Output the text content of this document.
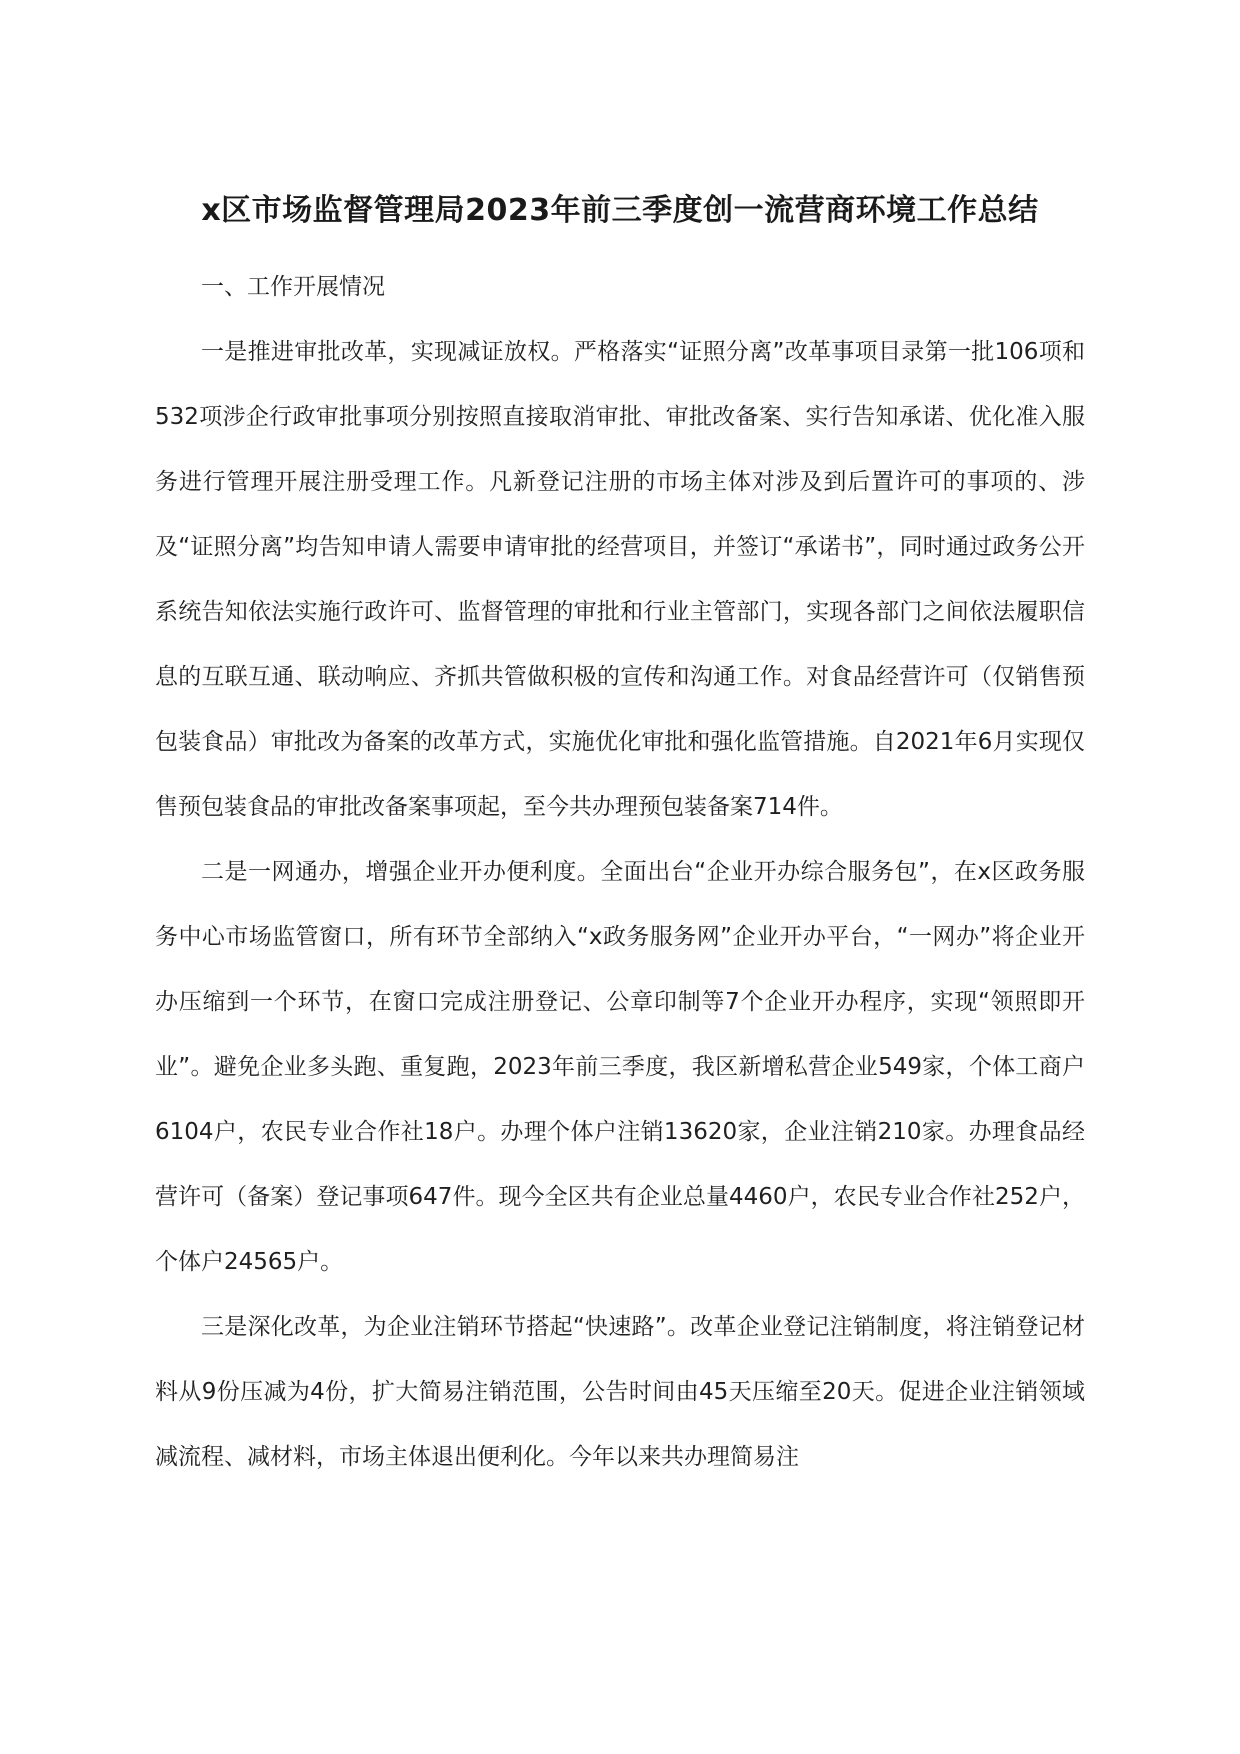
x区市场监督管理局2023年前三季度创一流营商环境工作总结

一、工作开展情况

一是推进审批改革，实现减证放权。严格落实“证照分离”改革事项目录第一批106项和532项涉企行政审批事项分别按照直接取消审批、审批改备案、实行告知承诺、优化准入服务进行管理开展注册受理工作。凡新登记注册的市场主体对涉及到后置许可的事项的、涉及“证照分离”均告知申请人需要申请审批的经营项目，并签订“承诺书”，同时通过政务公开系统告知依法实施行政许可、监督管理的审批和行业主管部门，实现各部门之间依法履职信息的互联互通、联动响应、齐抓共管做积极的宣传和沟通工作。对食品经营许可（仅销售预包装食品）审批改为备案的改革方式，实施优化审批和强化监管措施。自2021年6月实现仅售预包装食品的审批改备案事项起，至今共办理预包装备案714件。

二是一网通办，增强企业开办便利度。全面出台“企业开办综合服务包”，在x区政务服务中心市场监管窗口，所有环节全部纳入“x政务服务网”企业开办平台，“一网办”将企业开办压缩到一个环节，在窗口完成注册登记、公章印制等7个企业开办程序，实现“领照即开业”。避免企业多头跑、重复跑，2023年前三季度，我区新增私营企业549家，个体工商户6104户，农民专业合作社18户。办理个体户注销13620家，企业注销210家。办理食品经营许可（备案）登记事项647件。现今全区共有企业总量4460户，农民专业合作社252户，个体户24565户。

三是深化改革，为企业注销环节搭起“快速路”。改革企业登记注销制度，将注销登记材料从9份压减为4份，扩大简易注销范围，公告时间由45天压缩至20天。促进企业注销领域减流程、减材料，市场主体退出便利化。今年以来共办理简易注
